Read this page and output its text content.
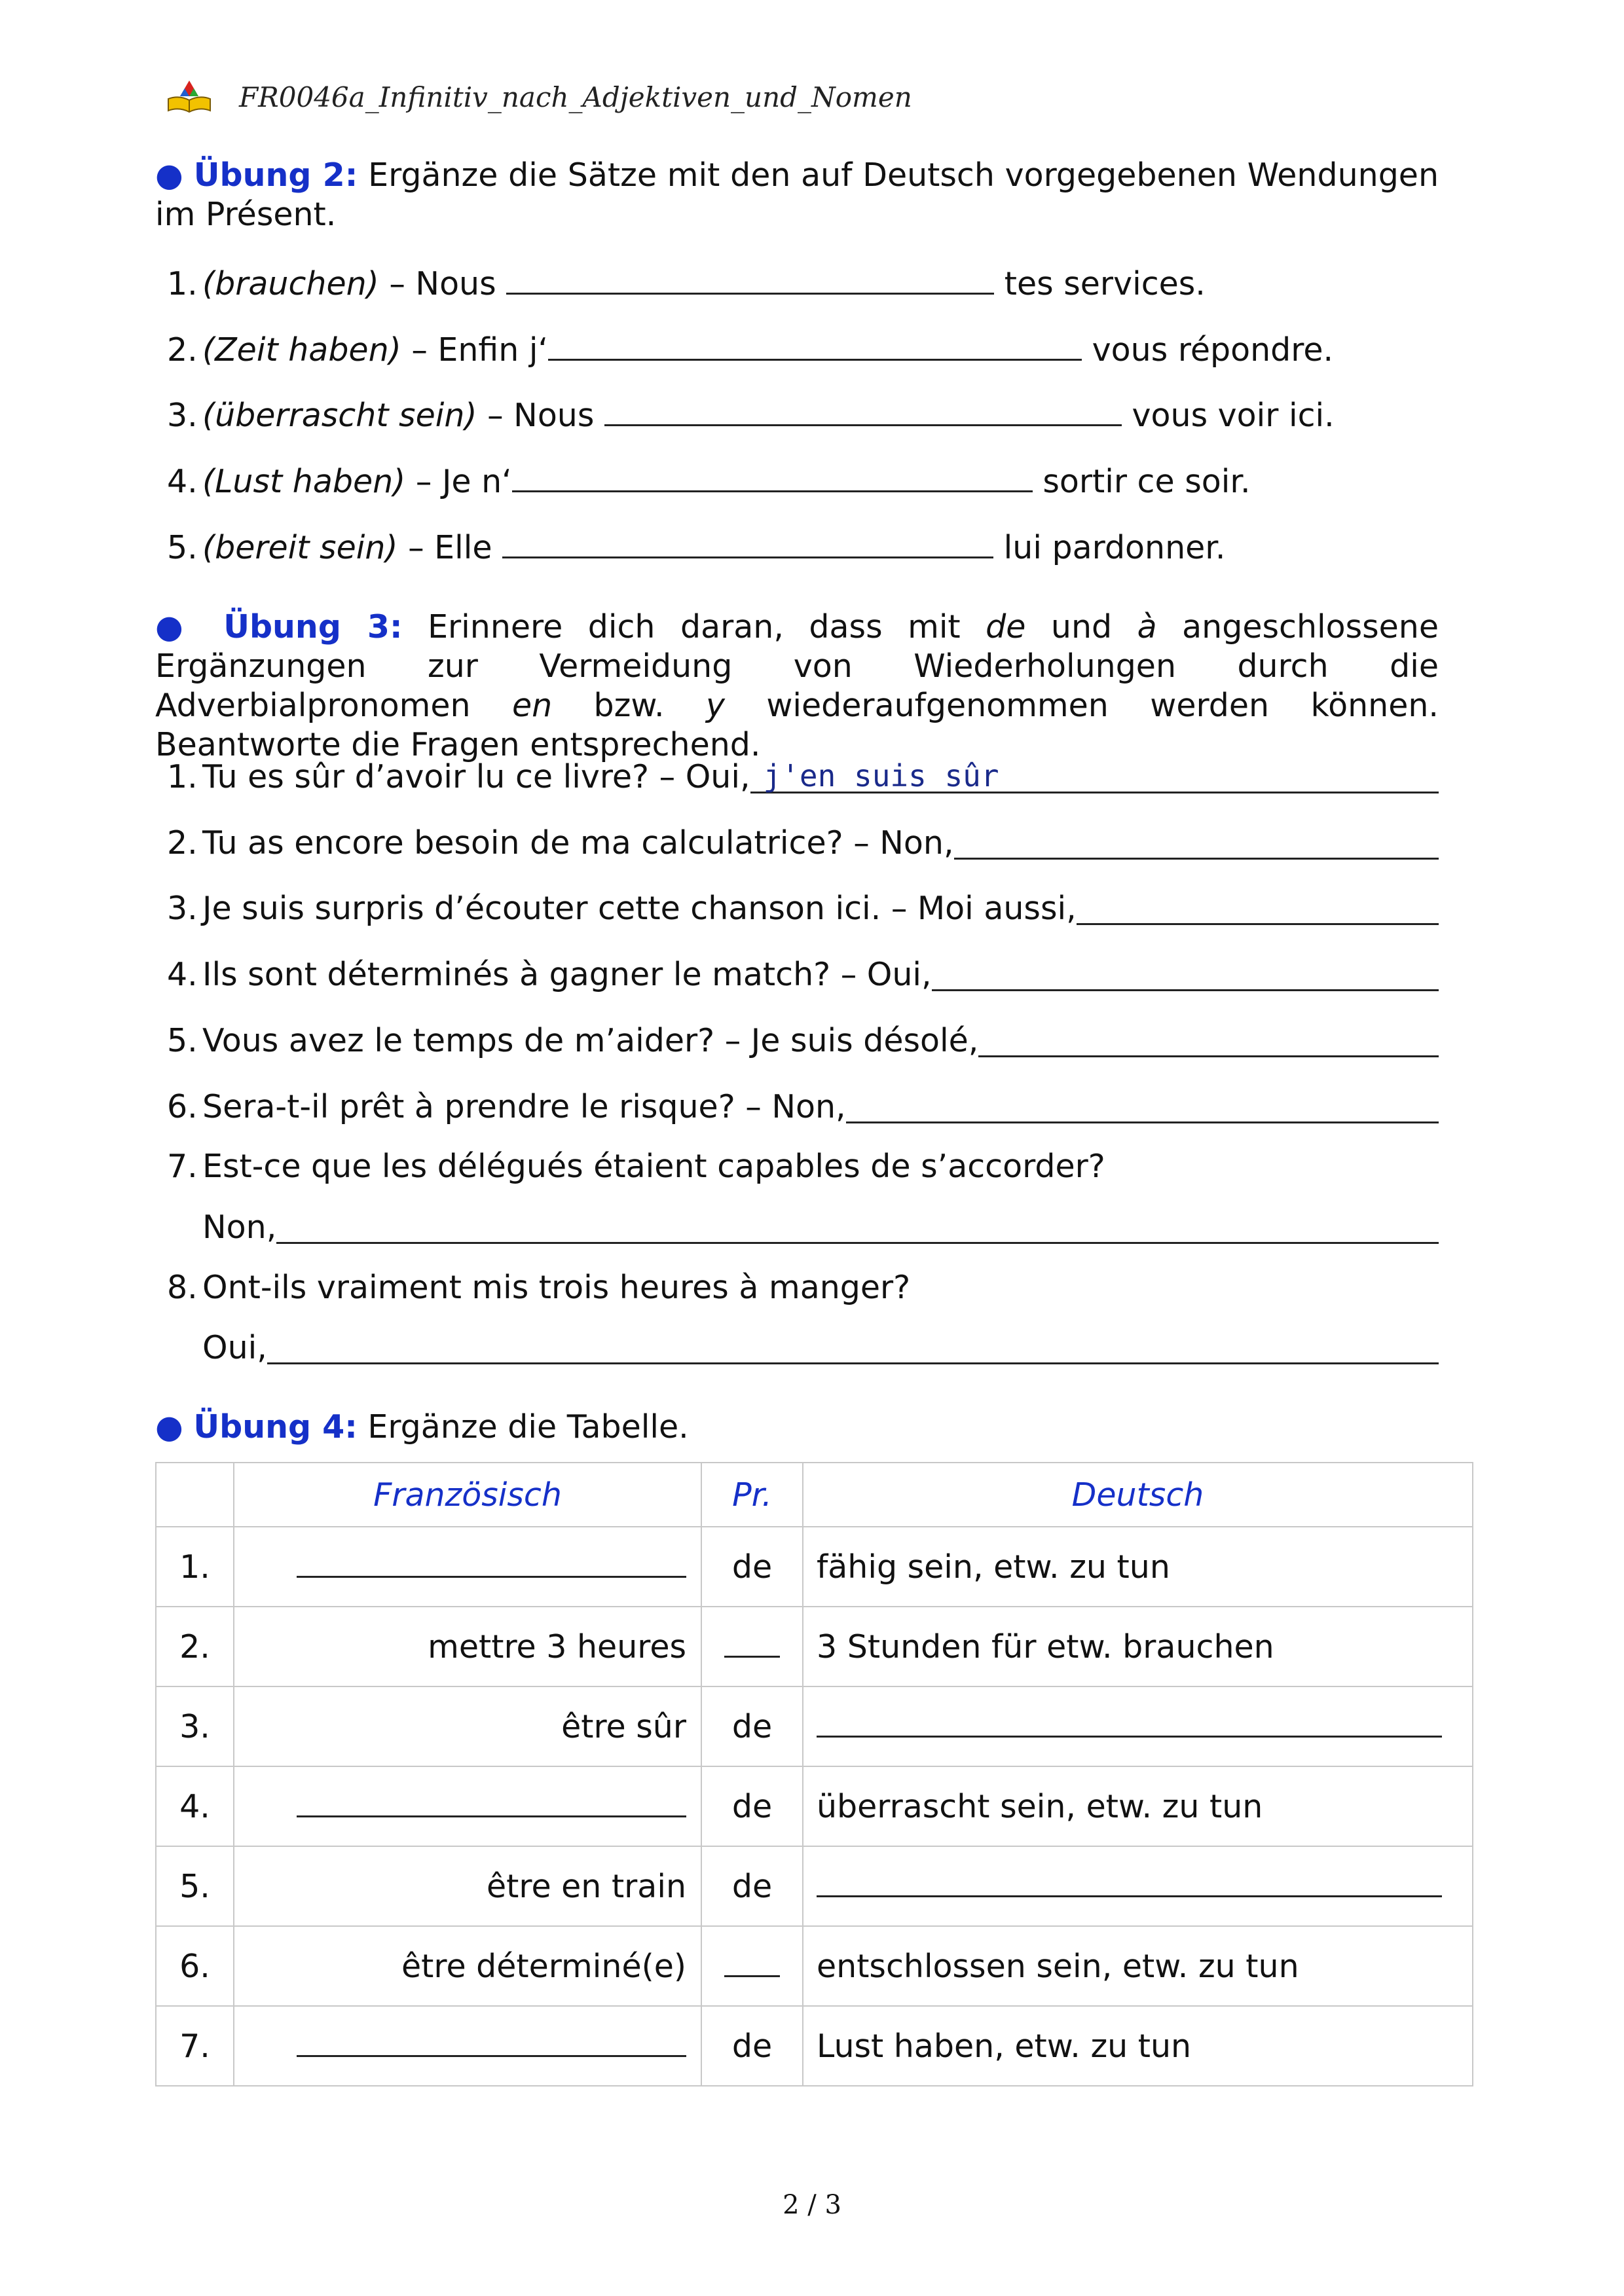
FR0046a_Infinitiv_nach_Adjektiven_und_Nomen
● Übung 2: Ergänze die Sätze mit den auf Deutsch vorgegebenen Wendungen im Présent.
1. (brauchen) – Nous	tes services.
2. (Zeit haben) – Enfin j‘	vous répondre.
3. (überrascht sein) – Nous	vous voir ici.
4. (Lust haben) – Je n‘	sortir ce soir.
5. (bereit sein) – Elle	lui pardonner.
● Übung 3: Erinnere dich daran, dass mit de und à angeschlossene Ergänzungen zur Vermeidung von Wiederholungen durch die Adverbialpronomen en bzw. y wiederaufgenommen werden können. Beantworte die Fragen entsprechend.
1. Tu es sûr d’avoir lu ce livre? – Oui, j'en suis sûr
2. Tu as encore besoin de ma calculatrice? – Non,
3. Je suis surpris d’écouter cette chanson ici. – Moi aussi,
4. Ils sont déterminés à gagner le match? – Oui,
5. Vous avez le temps de m’aider? – Je suis désolé,
6. Sera-t-il prêt à prendre le risque? – Non,
7. Est-ce que les délégués étaient capables de s’accorder?
Non,
8. Ont-ils vraiment mis trois heures à manger?
Oui,
● Übung 4: Ergänze die Tabelle.
	Französisch	Pr.	Deutsch
1.		de	fähig sein, etw. zu tun
2.	mettre 3 heures		3 Stunden für etw. brauchen
3.	être sûr	de	
4.		de	überrascht sein, etw. zu tun
5.	être en train	de	
6.	être déterminé(e)		entschlossen sein, etw. zu tun
7.		de	Lust haben, etw. zu tun
2 / 3
